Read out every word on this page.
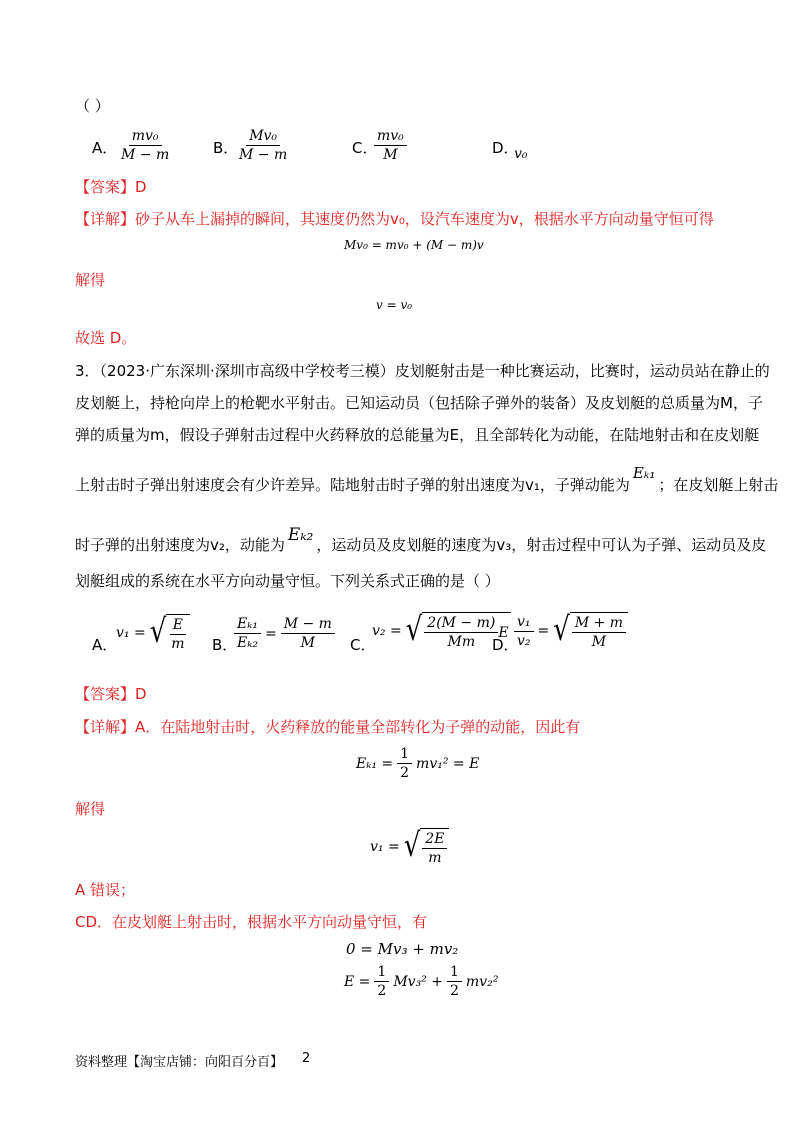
（ ）
A． $\frac{\text{mv₀}}{M - m}$	B．
$\frac{\text{Mv₀}}{M - m}$	C．
$\frac{\text{mv₀}}{M}$	D．
v₀
【答案】D
【详解】砂子从车上漏掉的瞬间，其速度仍然为v₀，设汽车速度为v，根据水平方向动量守恒可得
Mv₀ = mv₀ + (M − m)v
解得
v = v₀
故选 D。
3．（2023·广东深圳·深圳市高级中学校考三模）皮划艇射击是一种比赛运动，比赛时，运动员站在静止的
皮划艇上，持枪向岸上的枪靶水平射击。已知运动员（包括除子弹外的装备）及皮划艇的总质量为M，子
弹的质量为m，假设子弹射击过程中火药释放的总能量为E，且全部转化为动能，在陆地射击和在皮划艇
上射击时子弹出射速度会有少许差异。陆地射击时子弹的射出速度为v₁，子弹动能为Eₖ₁；在皮划艇上射击
时子弹的出射速度为v₂，动能为 Eₖ₂ ，运动员及皮划艇的速度为v₃，射击过程中可认为子弹、运动员及皮
划艇组成的系统在水平方向动量守恒。下列关系式正确的是（ ）
A．
v₁ = √ $\frac{E}{m}$ B．
$\frac{\text{Eₖ₁}}{\text{Eₖ₂}} = \frac{M - m}{M}$ C．
v₂ = √ $\frac{2(M - m)}{Mm}$ E
D．
$\frac{\text{v₁}}{\text{v₂}}$ = √ $\frac{M + m}{M}$
【答案】D
【详解】A．在陆地射击时，火药释放的能量全部转化为子弹的动能，因此有
$E_{k1} = \frac{1}{2} mv_1^2 = E$
解得
v₁ = √ $\frac{2E}{m}$
A 错误；
CD．在皮划艇上射击时，根据水平方向动量守恒，有
0 = Mv₃ + mv₂
$E = \frac{1}{2} Mv_3^2 + \frac{1}{2} mv_2^2$
资料整理【淘宝店铺：向阳百分百】 2
